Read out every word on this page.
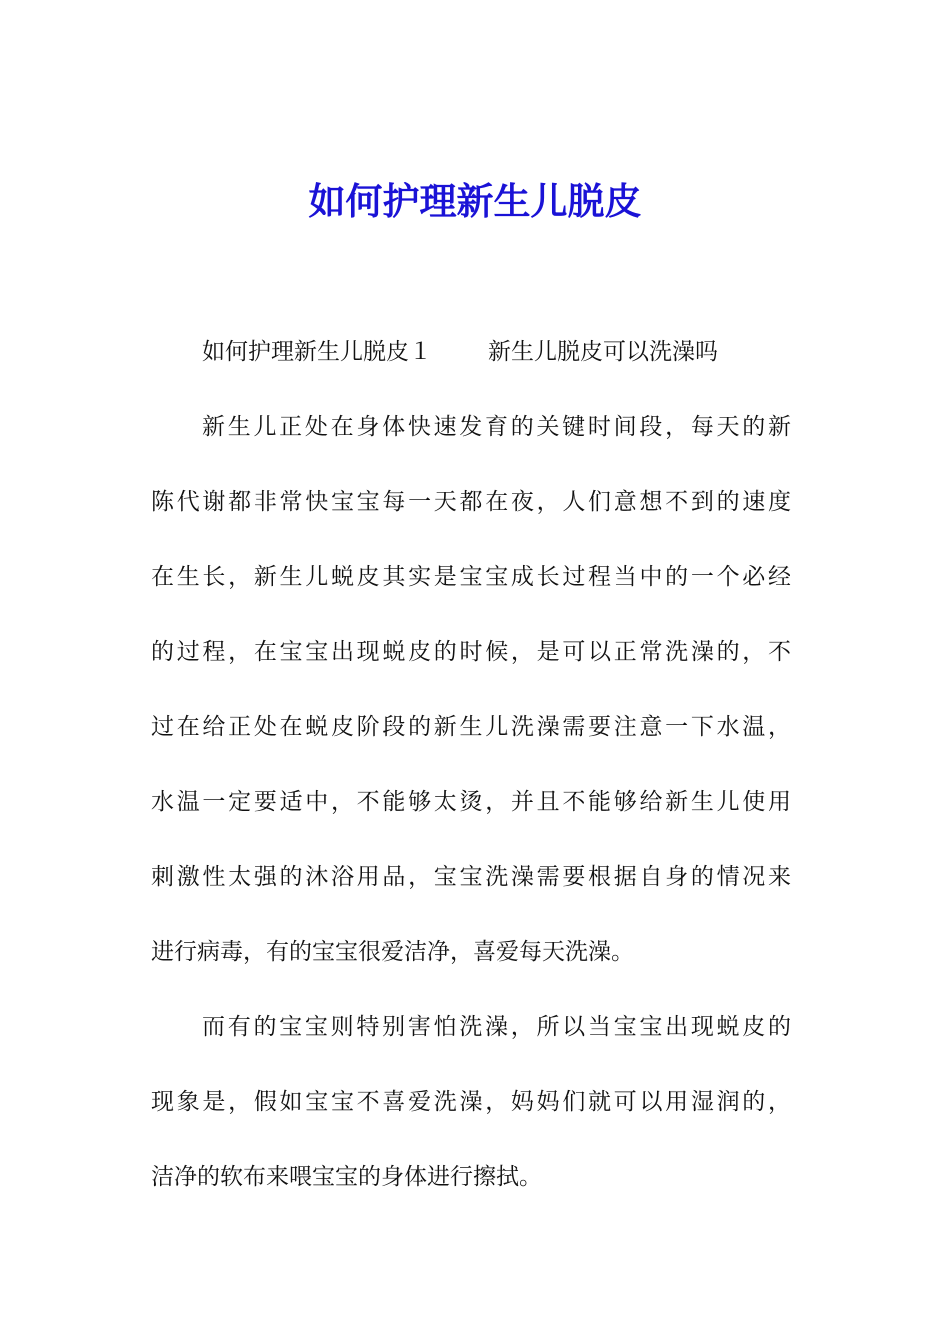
如何护理新生儿脱皮
如何护理新生儿脱皮１ 新生儿脱皮可以洗澡吗
新生儿正处在身体快速发育的关键时间段，每天的新
陈代谢都非常快宝宝每一天都在夜，人们意想不到的速度
在生长，新生儿蜕皮其实是宝宝成长过程当中的一个必经
的过程，在宝宝出现蜕皮的时候，是可以正常洗澡的，不
过在给正处在蜕皮阶段的新生儿洗澡需要注意一下水温，
水温一定要适中，不能够太烫，并且不能够给新生儿使用
刺激性太强的沐浴用品，宝宝洗澡需要根据自身的情况来
进行病毒，有的宝宝很爱洁净，喜爱每天洗澡。
而有的宝宝则特别害怕洗澡，所以当宝宝出现蜕皮的
现象是，假如宝宝不喜爱洗澡，妈妈们就可以用湿润的，
洁净的软布来喂宝宝的身体进行擦拭。
